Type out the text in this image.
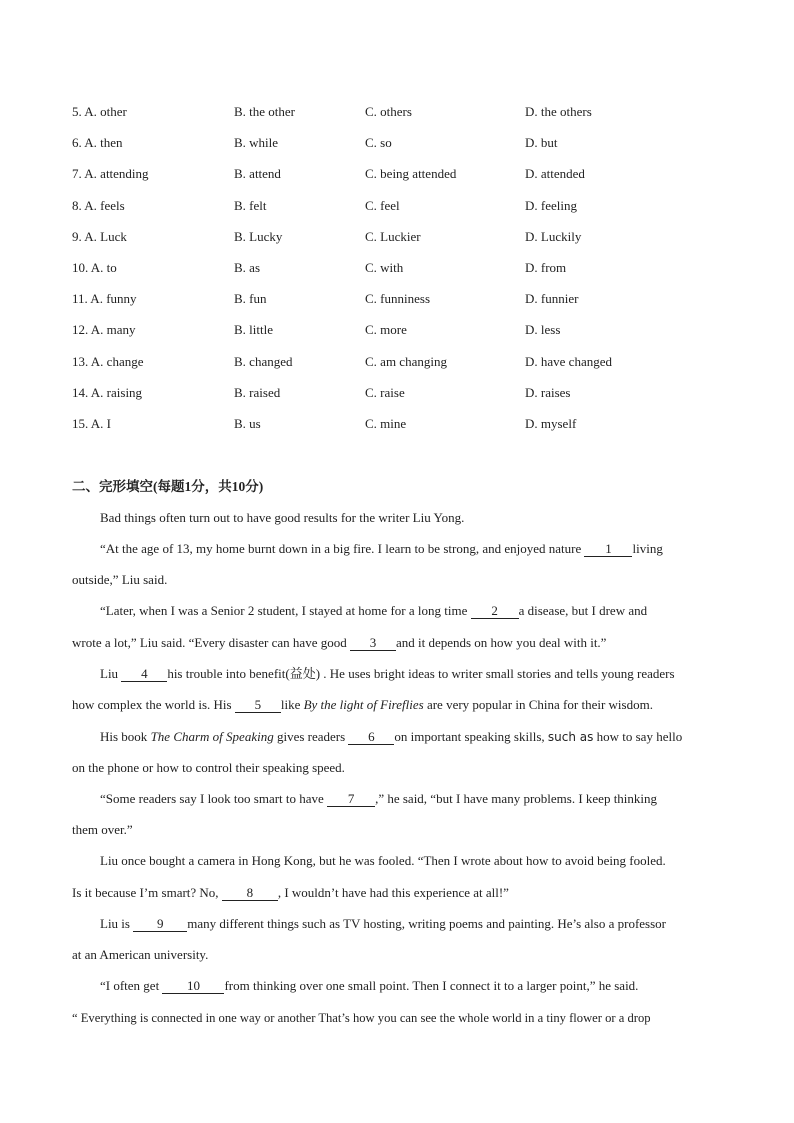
5. A. other	B. the other	C. others	D. the others
6. A. then	B. while	C. so	D. but
7. A. attending	B. attend	C. being attended	D. attended
8. A. feels	B. felt	C. feel	D. feeling
9. A. Luck	B. Lucky	C. Luckier	D. Luckily
10. A. to	B. as	C. with	D. from
11. A. funny	B. fun	C. funniness	D. funnier
12. A. many	B. little	C. more	D. less
13. A. change	B. changed	C. am changing	D. have changed
14. A. raising	B. raised	C. raise	D. raises
15. A. I	B. us	C. mine	D. myself
二、完形填空(每题1分，共10分)
Bad things often turn out to have good results for the writer Liu Yong.
“At the age of 13, my home burnt down in a big fire. I learn to be strong, and enjoyed nature 1 living
outside,” Liu said.
“Later, when I was a Senior 2 student, I stayed at home for a long time 2 a disease, but I drew and
wrote a lot,” Liu said. “Every disaster can have good 3 and it depends on how you deal with it.”
Liu 4 his trouble into benefit(益处) . He uses bright ideas to writer small stories and tells young readers
how complex the world is. His 5 like By the light of Fireflies are very popular in China for their wisdom.
His book The Charm of Speaking gives readers 6 on important speaking skills, such as how to say hello
on the phone or how to control their speaking speed.
“Some readers say I look too smart to have 7 ,” he said, “but I have many problems. I keep thinking
them over.”
Liu once bought a camera in Hong Kong, but he was fooled. “Then I wrote about how to avoid being fooled.
Is it because I’m smart? No, 8 , I wouldn’t have had this experience at all!”
Liu is 9 many different things such as TV hosting, writing poems and painting. He’s also a professor
at an American university.
“I often get 10 from thinking over one small point. Then I connect it to a larger point,” he said.
“ Everything is connected in one way or another That’s how you can see the whole world in a tiny flower or a drop
